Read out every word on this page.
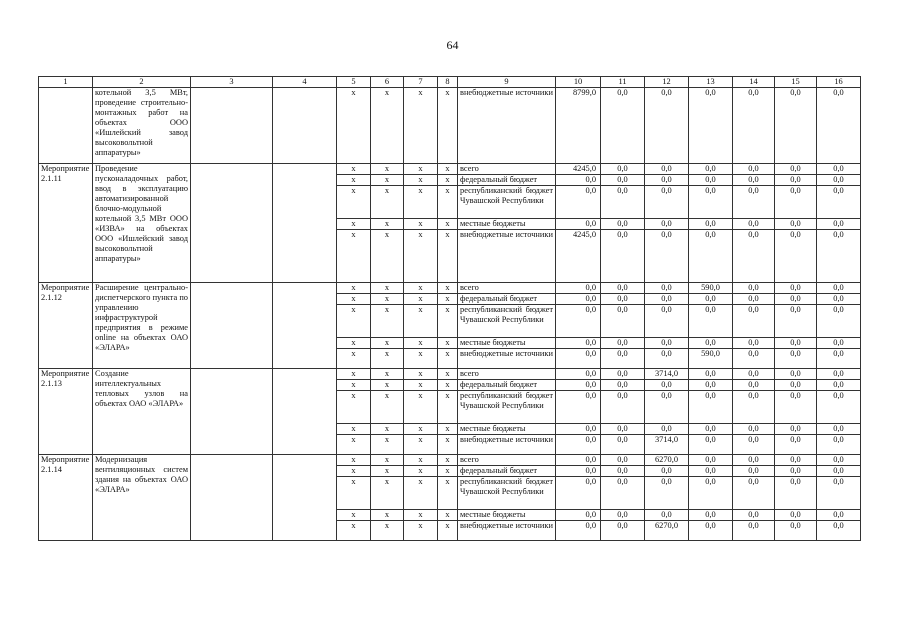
64
1	2	3	4	5	6	7	8	9	10	11	12	13	14	15	16
	котельной 3,5 МВт, проведение строительно-монтажных работ на объектах ООО «Ишлейский завод высоковольтной аппаратуры»			x	x	x	x	внебюджетные источники	8799,0	0,0	0,0	0,0	0,0	0,0	0,0
Мероприятие 2.1.11	Проведение пусконаладочных работ, ввод в эксплуатацию автоматизированной блочно-модульной котельной 3,5 МВт ООО «ИЗВА» на объектах ООО «Ишлейский завод высоковольтной аппаратуры»			x	x	x	x	всего	4245,0	0,0	0,0	0,0	0,0	0,0	0,0
				x	x	x	x	федеральный бюджет	0,0	0,0	0,0	0,0	0,0	0,0	0,0
				x	x	x	x	республиканский бюджет Чувашской Республики	0,0	0,0	0,0	0,0	0,0	0,0	0,0
				x	x	x	x	местные бюджеты	0,0	0,0	0,0	0,0	0,0	0,0	0,0
				x	x	x	x	внебюджетные источники	4245,0	0,0	0,0	0,0	0,0	0,0	0,0
Мероприятие 2.1.12	Расширение центрально-диспетчерского пункта по управлению инфраструктурой предприятия в режиме online на объектах ОАО «ЭЛАРА»			x	x	x	x	всего	0,0	0,0	0,0	590,0	0,0	0,0	0,0
				x	x	x	x	федеральный бюджет	0,0	0,0	0,0	0,0	0,0	0,0	0,0
				x	x	x	x	республиканский бюджет Чувашской Республики	0,0	0,0	0,0	0,0	0,0	0,0	0,0
				x	x	x	x	местные бюджеты	0,0	0,0	0,0	0,0	0,0	0,0	0,0
				x	x	x	x	внебюджетные источники	0,0	0,0	0,0	590,0	0,0	0,0	0,0
Мероприятие 2.1.13	Создание интеллектуальных тепловых узлов на объектах ОАО «ЭЛАРА»			x	x	x	x	всего	0,0	0,0	3714,0	0,0	0,0	0,0	0,0
				x	x	x	x	федеральный бюджет	0,0	0,0	0,0	0,0	0,0	0,0	0,0
				x	x	x	x	республиканский бюджет Чувашской Республики	0,0	0,0	0,0	0,0	0,0	0,0	0,0
				x	x	x	x	местные бюджеты	0,0	0,0	0,0	0,0	0,0	0,0	0,0
				x	x	x	x	внебюджетные источники	0,0	0,0	3714,0	0,0	0,0	0,0	0,0
Мероприятие 2.1.14	Модернизация вентиляционных систем здания на объектах ОАО «ЭЛАРА»			x	x	x	x	всего	0,0	0,0	6270,0	0,0	0,0	0,0	0,0
				x	x	x	x	федеральный бюджет	0,0	0,0	0,0	0,0	0,0	0,0	0,0
				x	x	x	x	республиканский бюджет Чувашской Республики	0,0	0,0	0,0	0,0	0,0	0,0	0,0
				x	x	x	x	местные бюджеты	0,0	0,0	0,0	0,0	0,0	0,0	0,0
				x	x	x	x	внебюджетные источники	0,0	0,0	6270,0	0,0	0,0	0,0	0,0
